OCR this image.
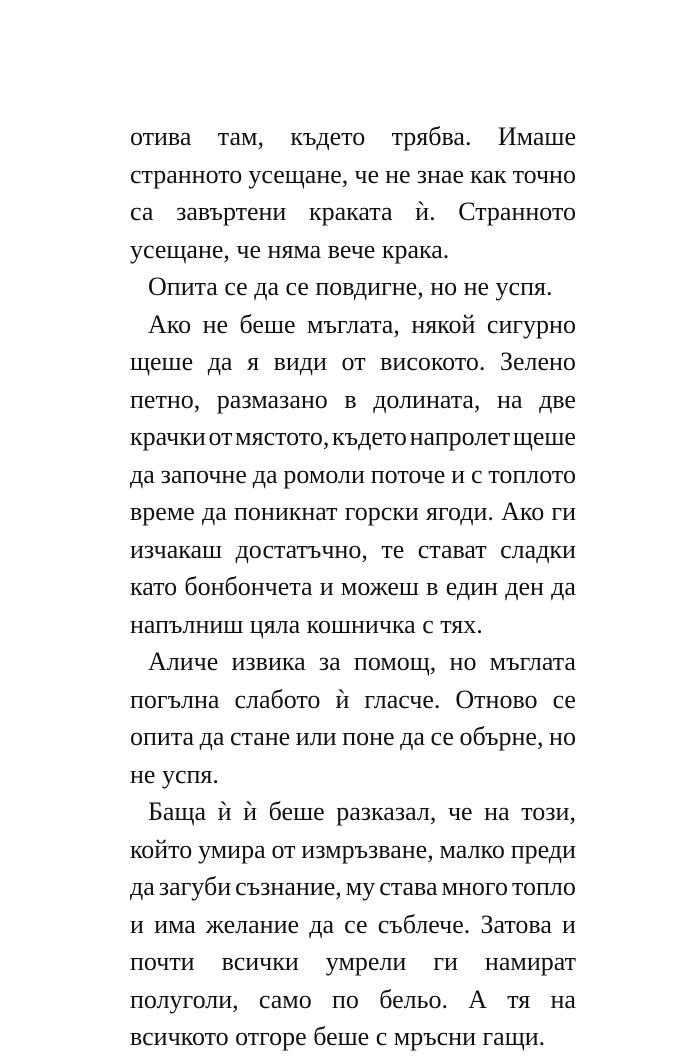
отива там, където трябва. Имаше
странното усещане, че не знае как точно
са завъртени краката ѝ. Странното
усещане, че няма вече крака.
Опита се да се повдигне, но не успя.
Ако не беше мъглата, някой сигурно
щеше да я види от високото. Зелено
петно, размазано в долината, на две
крачки от мястото, където напролет щеше
да започне да ромоли поточе и с топлото
време да поникнат горски ягоди. Ако ги
изчакаш достатъчно, те стават сладки
като бонбончета и можеш в един ден да
напълниш цяла кошничка с тях.
Аличе извика за помощ, но мъглата
погълна слабото ѝ гласче. Отново се
опита да стане или поне да се обърне, но
не успя.
Баща ѝ ѝ беше разказал, че на този,
който умира от измръзване, малко преди
да загуби съзнание, му става много топло
и има желание да се съблече. Затова и
почти всички умрели ги намират
полуголи, само по бельо. А тя на
всичкото отгоре беше с мръсни гащи.
